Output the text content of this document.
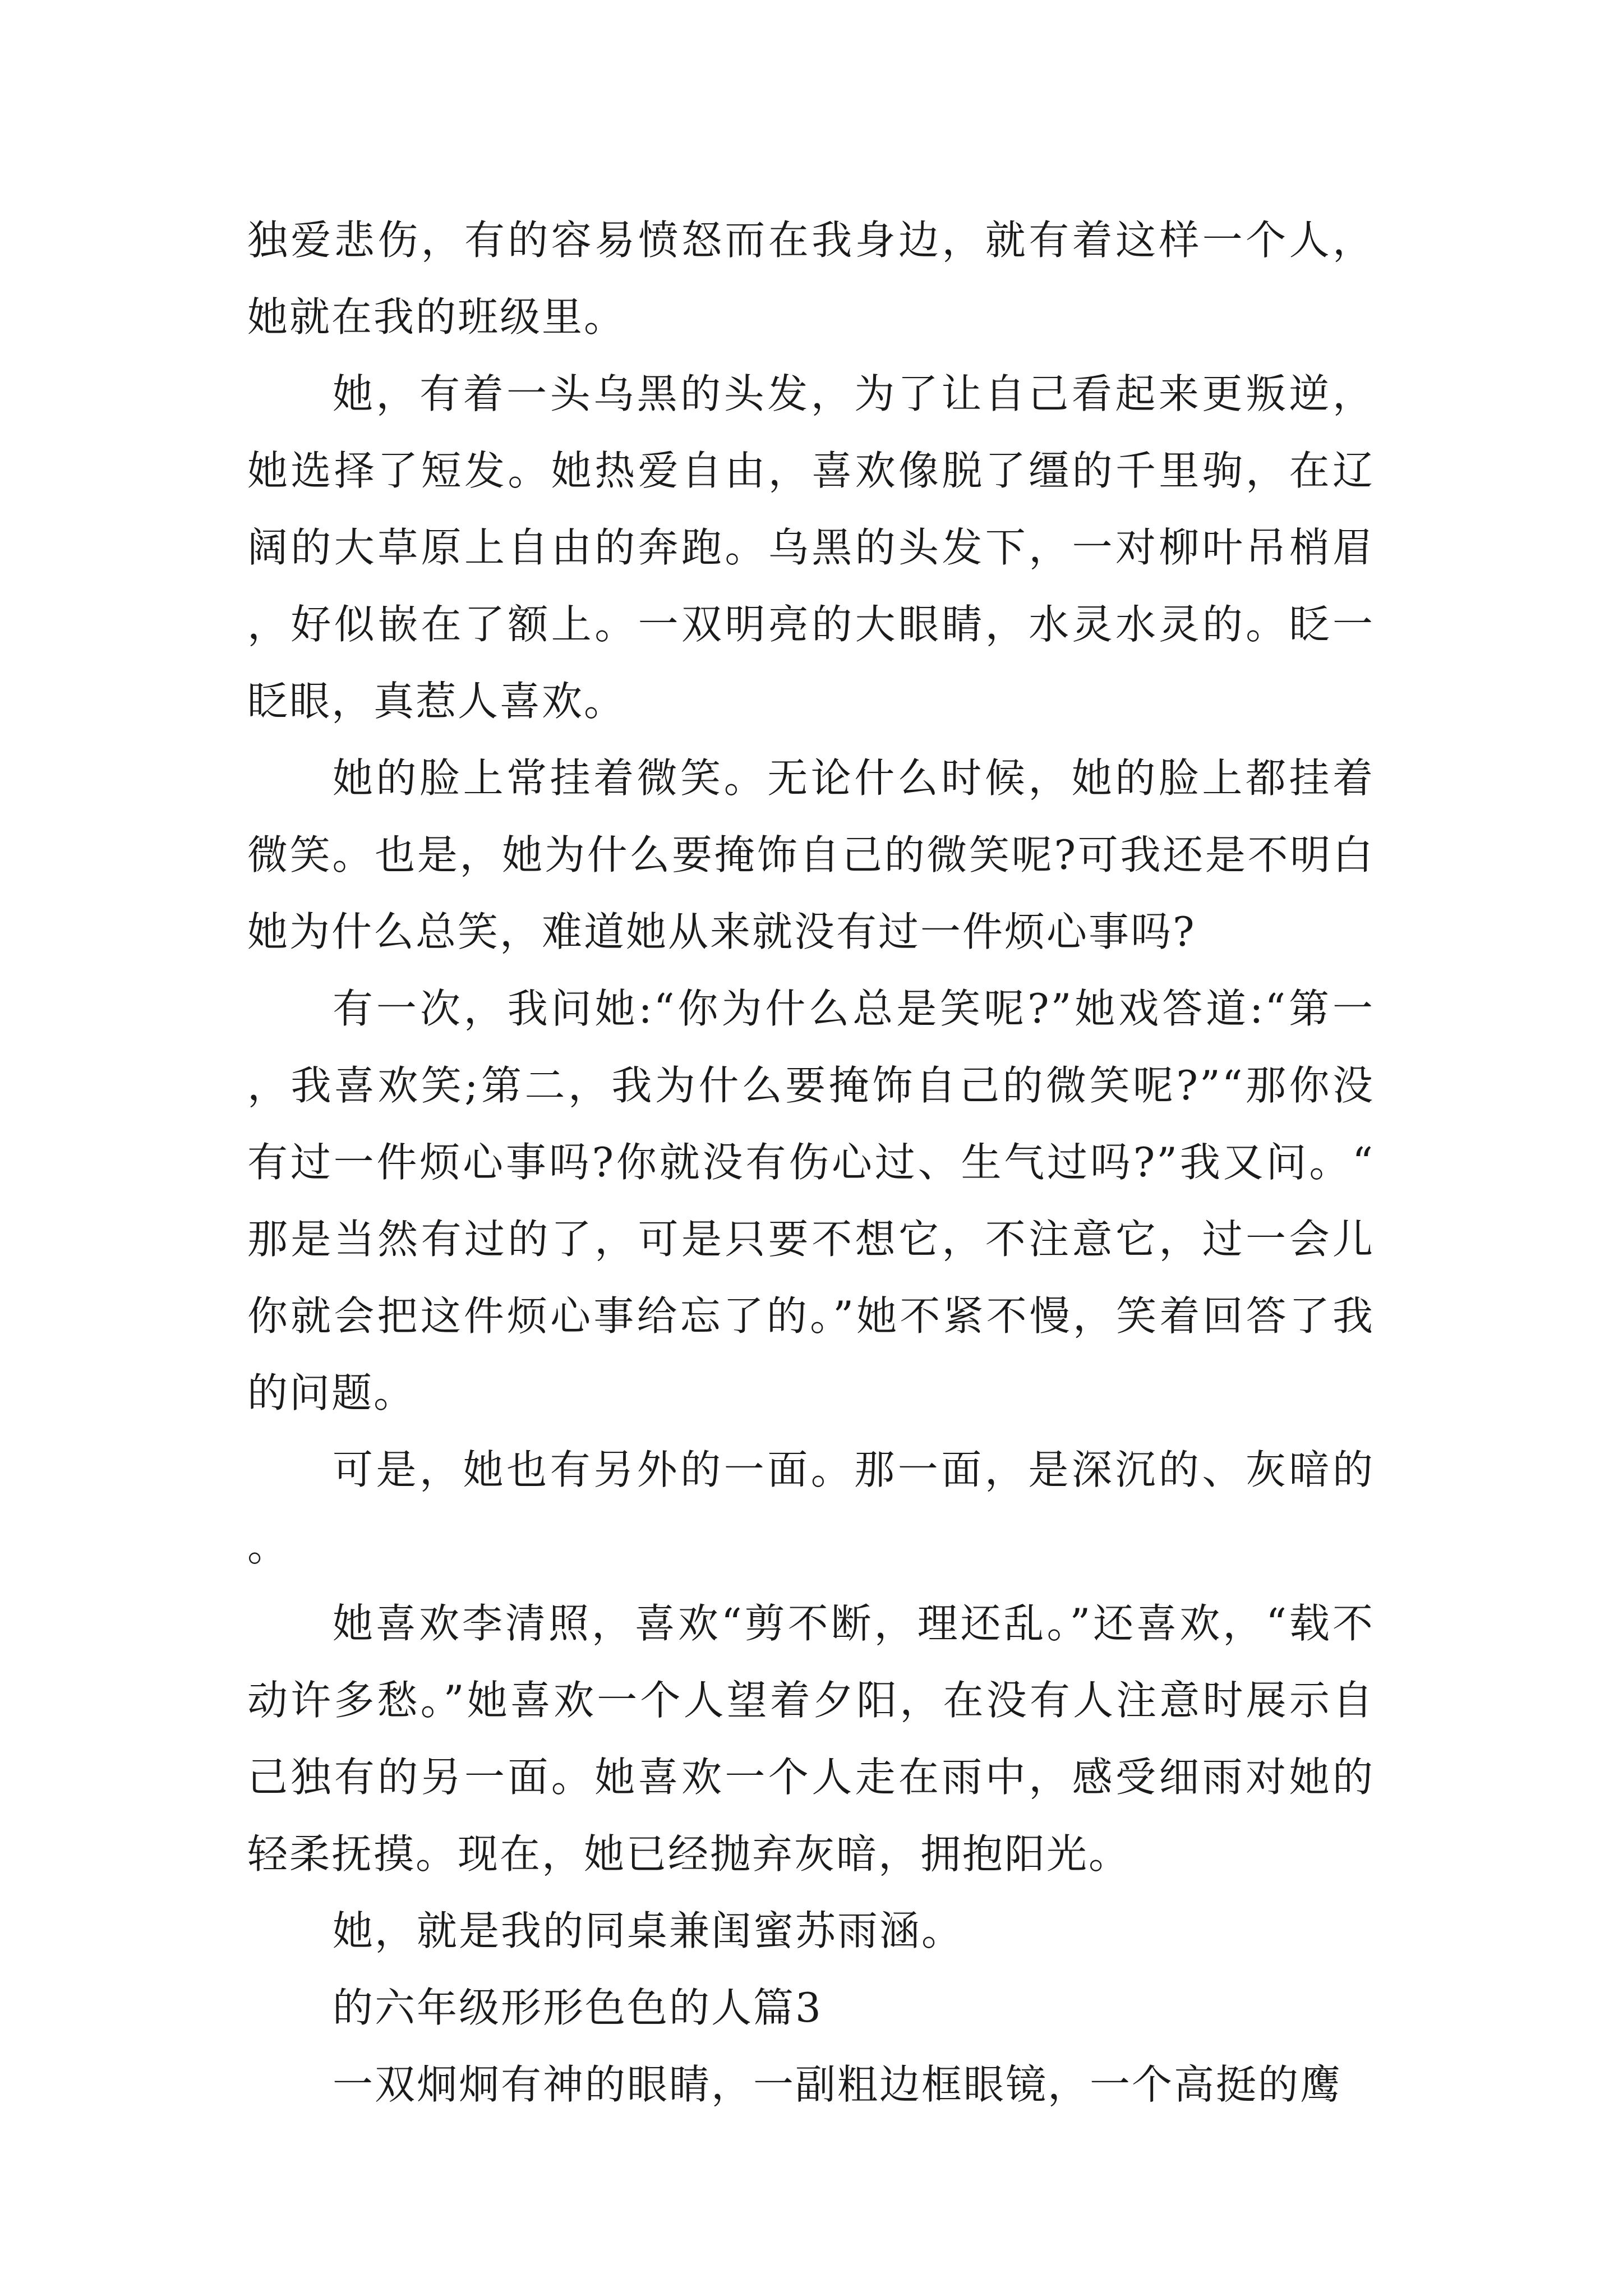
独爱悲伤，有的容易愤怒而在我身边，就有着这样一个人，她就在我的班级里。

她，有着一头乌黑的头发，为了让自己看起来更叛逆，她选择了短发。她热爱自由，喜欢像脱了缰的千里驹，在辽阔的大草原上自由的奔跑。乌黑的头发下，一对柳叶吊梢眉，好似嵌在了额上。一双明亮的大眼睛，水灵水灵的。眨一眨眼，真惹人喜欢。

她的脸上常挂着微笑。无论什么时候，她的脸上都挂着微笑。也是，她为什么要掩饰自己的微笑呢?可我还是不明白她为什么总笑，难道她从来就没有过一件烦心事吗?

有一次，我问她:“你为什么总是笑呢?”她戏答道:“第一，我喜欢笑;第二，我为什么要掩饰自己的微笑呢?”“那你没有过一件烦心事吗?你就没有伤心过、生气过吗?”我又问。“那是当然有过的了，可是只要不想它，不注意它，过一会儿你就会把这件烦心事给忘了的。”她不紧不慢，笑着回答了我的问题。

可是，她也有另外的一面。那一面，是深沉的、灰暗的。

她喜欢李清照，喜欢“剪不断，理还乱。”还喜欢，“载不动许多愁。”她喜欢一个人望着夕阳，在没有人注意时展示自己独有的另一面。她喜欢一个人走在雨中，感受细雨对她的轻柔抚摸。现在，她已经抛弃灰暗，拥抱阳光。

她，就是我的同桌兼闺蜜苏雨涵。

的六年级形形色色的人篇3

一双炯炯有神的眼睛，一副粗边框眼镜，一个高挺的鹰
